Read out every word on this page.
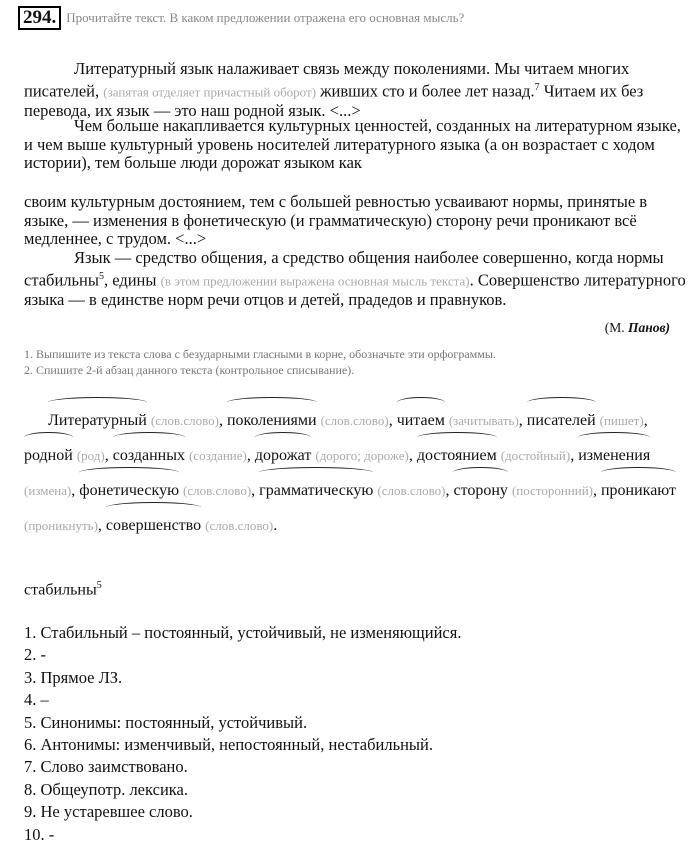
294. Прочитайте текст. В каком предложении отражена его основная мысль?
Литературный язык налаживает связь между поколениями. Мы читаем многих писателей, (запятая отделяет причастный оборот) живших сто и более лет назад.$^7$ Читаем их без перевода, их язык — это наш родной язык. <...>
Чем больше накапливается культурных ценностей, созданных на литературном языке, и чем выше культурный уровень носителей литературного языка (а он возрастает с ходом истории), тем больше люди дорожат языком как
своим культурным достоянием, тем с большей ревностью усваивают нормы, принятые в языке, — изменения в фонетическую (и грамматическую) сторону речи проникают всё медленнее, с трудом. <...>
Язык — средство общения, а средство общения наиболее совершенно, когда нормы стабильны$^5$, едины (в этом предложении выражена основная мысль текста). Совершенство литературного языка — в единстве норм речи отцов и детей, прадедов и правнуков.
(М. Панов)
1. Выпишите из текста слова с безударными гласными в корне, обозначьте эти орфограммы.
2. Спишите 2-й абзац данного текста (контрольное списывание).
Литературный (слов.слово), поколениями (слов.слово), читаем (зачитывать), писателей (пишет), родной (род), созданных (создание), дорожат (дорого; дороже), достоянием (достойный), изменения (измена), фонетическую (слов.слово), грамматическую (слов.слово), сторону (посторонний), проникают (проникнуть), совершенство (слов.слово).
стабильны$^5$
1. Стабильный – постоянный, устойчивый, не изменяющийся.
2. -
3. Прямое ЛЗ.
4. –
5. Синонимы: постоянный, устойчивый.
6. Антонимы: изменчивый, непостоянный, нестабильный.
7. Слово заимствовано.
8. Общеупотр. лексика.
9. Не устаревшее слово.
10. -
